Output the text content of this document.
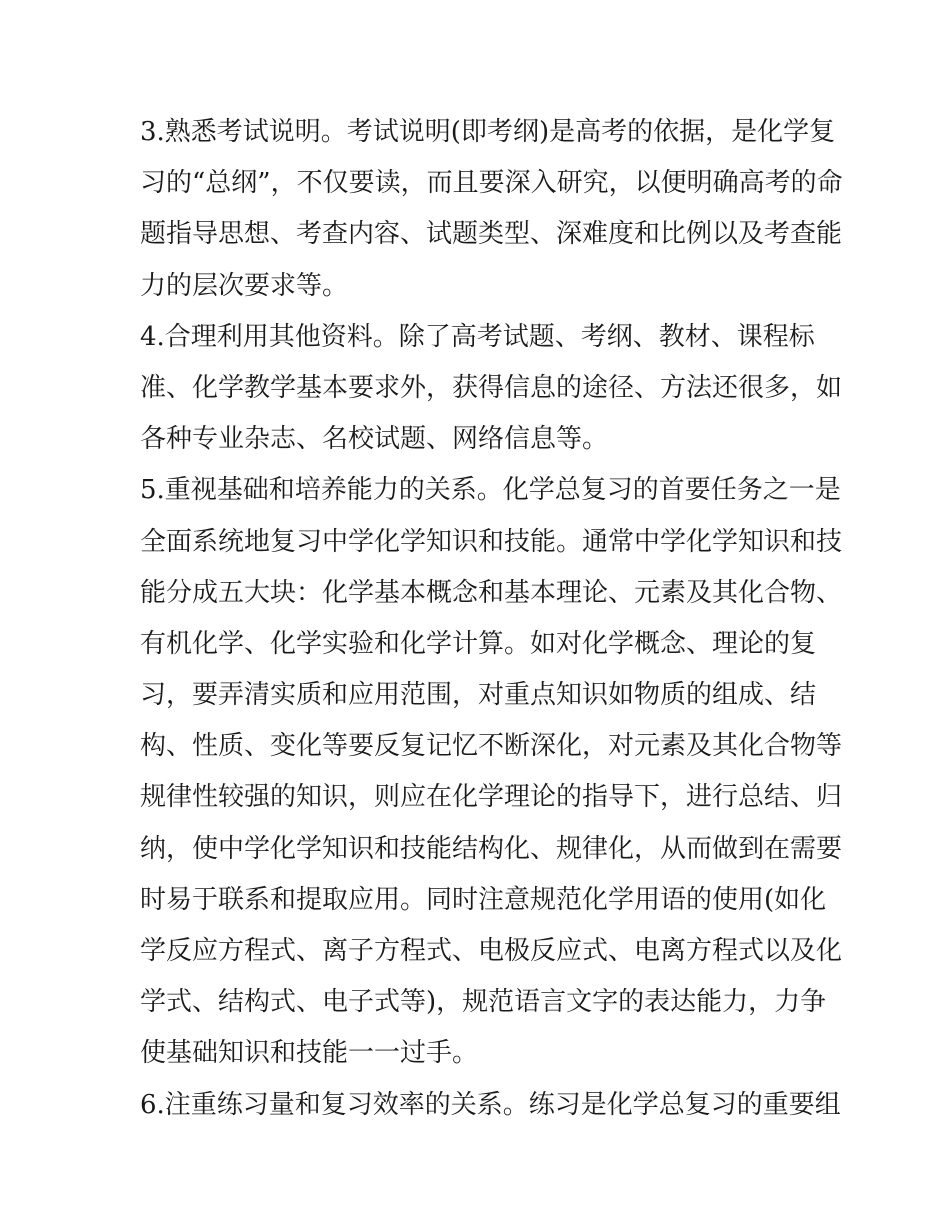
3.熟悉考试说明。考试说明(即考纲)是高考的依据，是化学复
习的“总纲”，不仅要读，而且要深入研究，以便明确高考的命
题指导思想、考查内容、试题类型、深难度和比例以及考查能
力的层次要求等。
4.合理利用其他资料。除了高考试题、考纲、教材、课程标
准、化学教学基本要求外，获得信息的途径、方法还很多，如
各种专业杂志、名校试题、网络信息等。
5.重视基础和培养能力的关系。化学总复习的首要任务之一是
全面系统地复习中学化学知识和技能。通常中学化学知识和技
能分成五大块：化学基本概念和基本理论、元素及其化合物、
有机化学、化学实验和化学计算。如对化学概念、理论的复
习，要弄清实质和应用范围，对重点知识如物质的组成、结
构、性质、变化等要反复记忆不断深化，对元素及其化合物等
规律性较强的知识，则应在化学理论的指导下，进行总结、归
纳，使中学化学知识和技能结构化、规律化，从而做到在需要
时易于联系和提取应用。同时注意规范化学用语的使用(如化
学反应方程式、离子方程式、电极反应式、电离方程式以及化
学式、结构式、电子式等)，规范语言文字的表达能力，力争
使基础知识和技能一一过手。
6.注重练习量和复习效率的关系。练习是化学总复习的重要组
